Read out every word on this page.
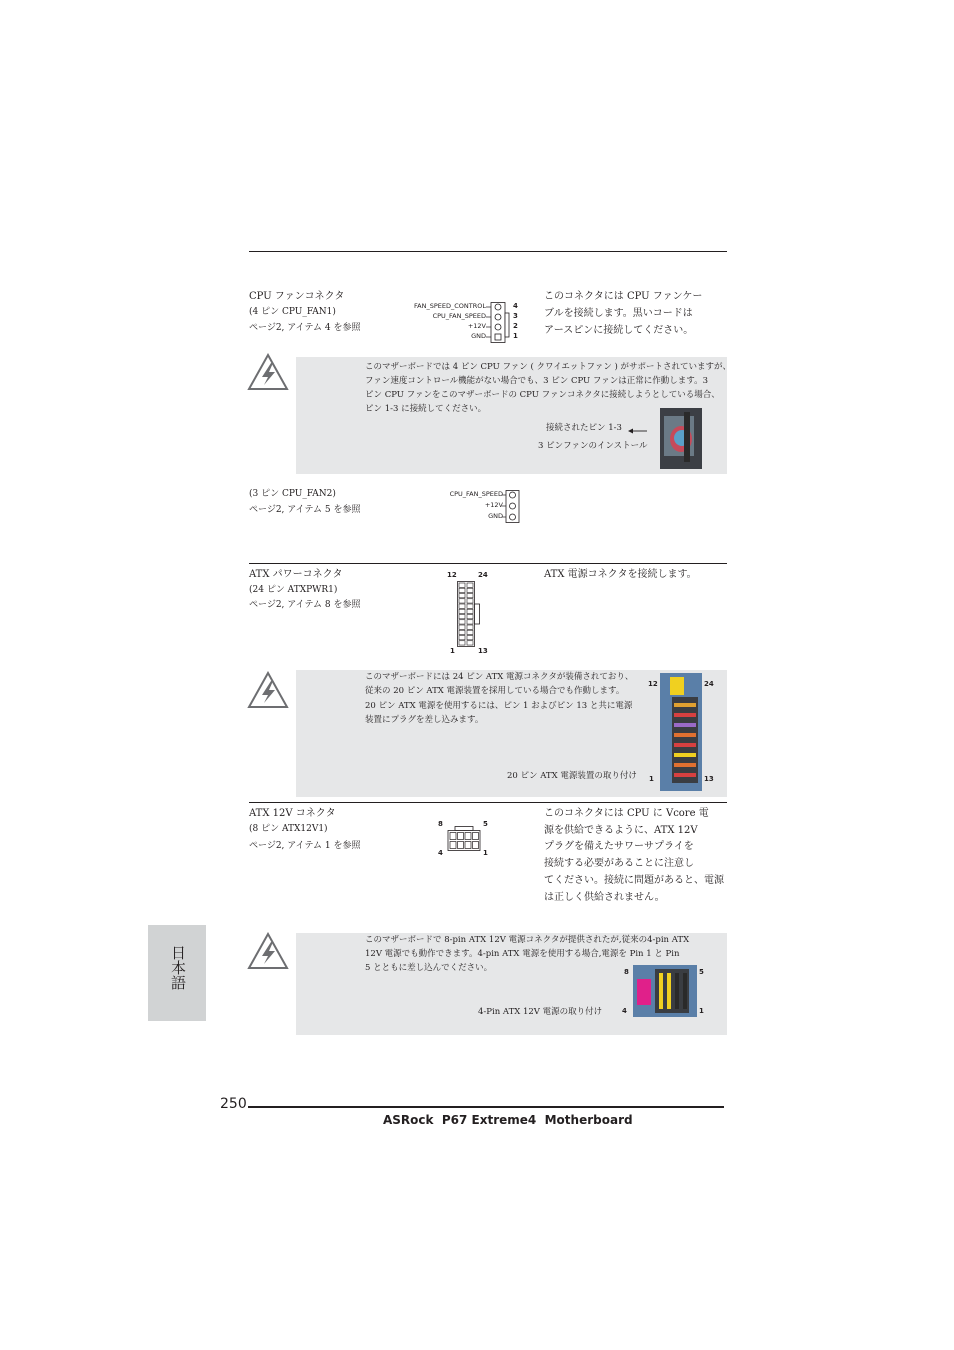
CPU ファンコネクタ
(4 ピン CPU_FAN1)
ページ2, アイテム 4 を参照
FAN_SPEED_CONTROL
CPU_FAN_SPEED
+12V
GND
4
3
2
1
このコネクタには CPU ファンケー
ブルを接続します。黒いコードは
アースピンに接続してください。
このマザーボードでは 4 ピン CPU ファン ( クワイエットファン ) がサポートされていますが、
ファン速度コントロール機能がない場合でも、3 ピン CPU ファンは正常に作動します。3
ピン CPU ファンをこのマザーボードの CPU ファンコネクタに接続しようとしている場合、
ピン 1-3 に接続してください。
接続されたピン 1-3
3 ピンファンのインストール
(3 ピン CPU_FAN2)
ページ2, アイテム 5 を参照
CPU_FAN_SPEED
+12V
GND
ATX パワーコネクタ
(24 ピン ATXPWR1)
ページ2, アイテム 8 を参照
ATX 電源コネクタを接続します。
12	24
1	13
このマザーボードには 24 ピン ATX 電源コネクタが装備されており、
従来の 20 ピン ATX 電源装置を採用している場合でも作動します。
20 ピン ATX 電源を使用するには、ピン 1 およびピン 13 と共に電源
装置にプラグを差し込みます。
20 ピン ATX 電源装置の取り付け
12	24
1	13
ATX 12V コネクタ
(8 ピン ATX12V1)
ページ2, アイテム 1 を参照
8	5
4	1
このコネクタには CPU に Vcore 電
源を供給できるように、ATX 12V
プラグを備えたサワーサプライを
接続する必要があることに注意し
てください。接続に問題があると、電源
は正しく供給されません。
このマザーボードで 8-pin ATX 12V 電源コネクタが提供されたが,従来の4-pin ATX
12V 電源でも動作できます。4-pin ATX 電源を使用する場合,電源を Pin 1 と Pin
5 とともに差し込んでください。
4-Pin ATX 12V 電源の取り付け
8	5
4	1
日本語
250
ASRock  P67 Extreme4  Motherboard
